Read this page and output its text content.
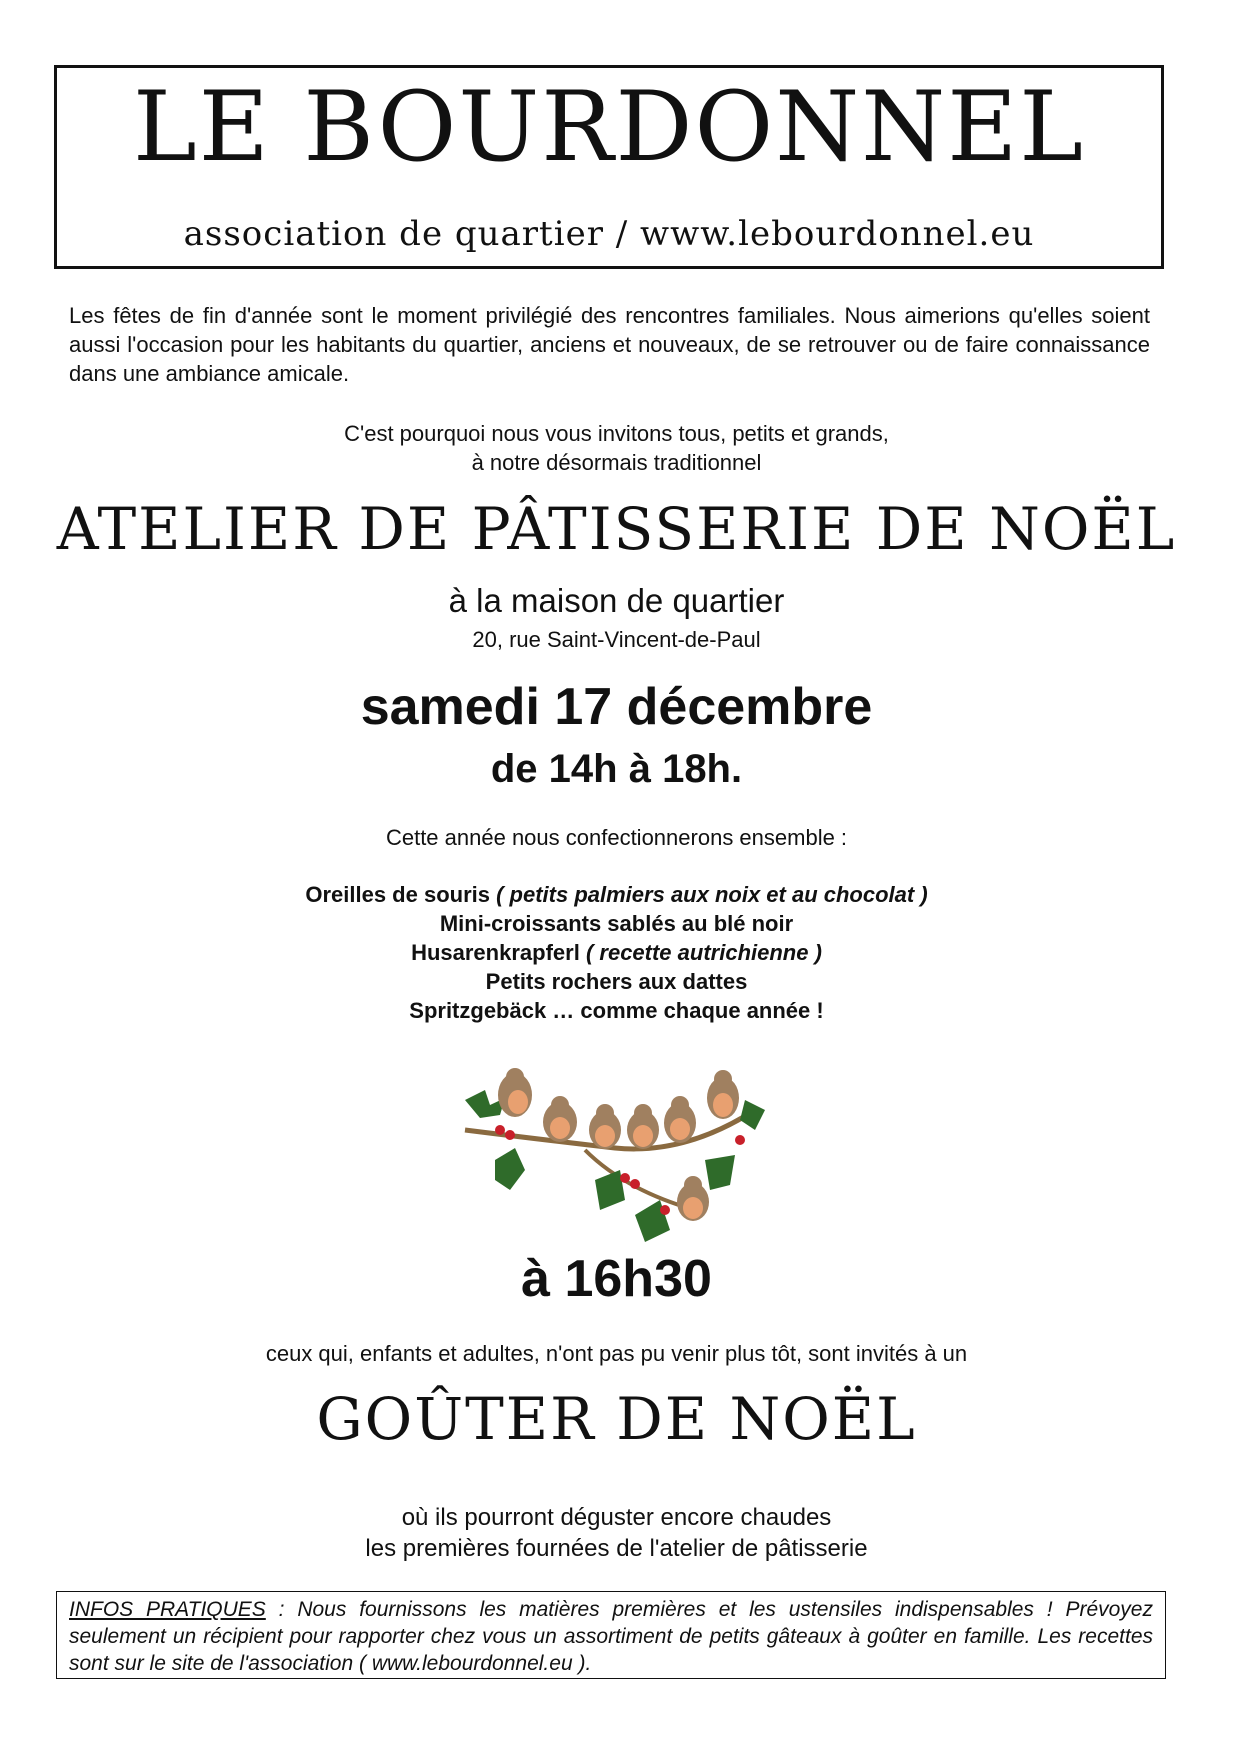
LE BOURDONNEL
association de quartier / www.lebourdonnel.eu
Les fêtes de fin d'année sont le moment privilégié des rencontres familiales. Nous aimerions qu'elles soient aussi l'occasion pour les habitants du quartier, anciens et nouveaux, de se retrouver ou de faire connaissance dans une ambiance amicale.
C'est pourquoi nous vous invitons tous, petits et grands,
à notre désormais traditionnel
ATELIER DE PÂTISSERIE DE NOËL
à la maison de quartier
20, rue Saint-Vincent-de-Paul
samedi 17 décembre
de 14h à 18h.
Cette année nous confectionnerons ensemble :
Oreilles de souris ( petits palmiers aux noix et au chocolat )
Mini-croissants sablés au blé noir
Husarenkrapferl ( recette autrichienne )
Petits rochers aux dattes
Spritzgebäck … comme chaque année !
à 16h30
ceux qui, enfants et adultes, n'ont pas pu venir plus tôt, sont invités à un
GOÛTER DE NOËL
où ils pourront déguster encore chaudes
les premières fournées de l'atelier de pâtisserie
INFOS PRATIQUES : Nous fournissons les matières premières et les ustensiles indispensables ! Prévoyez seulement un récipient pour rapporter chez vous un assortiment de petits gâteaux à goûter en famille. Les recettes sont sur le site de l'association ( www.lebourdonnel.eu ).
